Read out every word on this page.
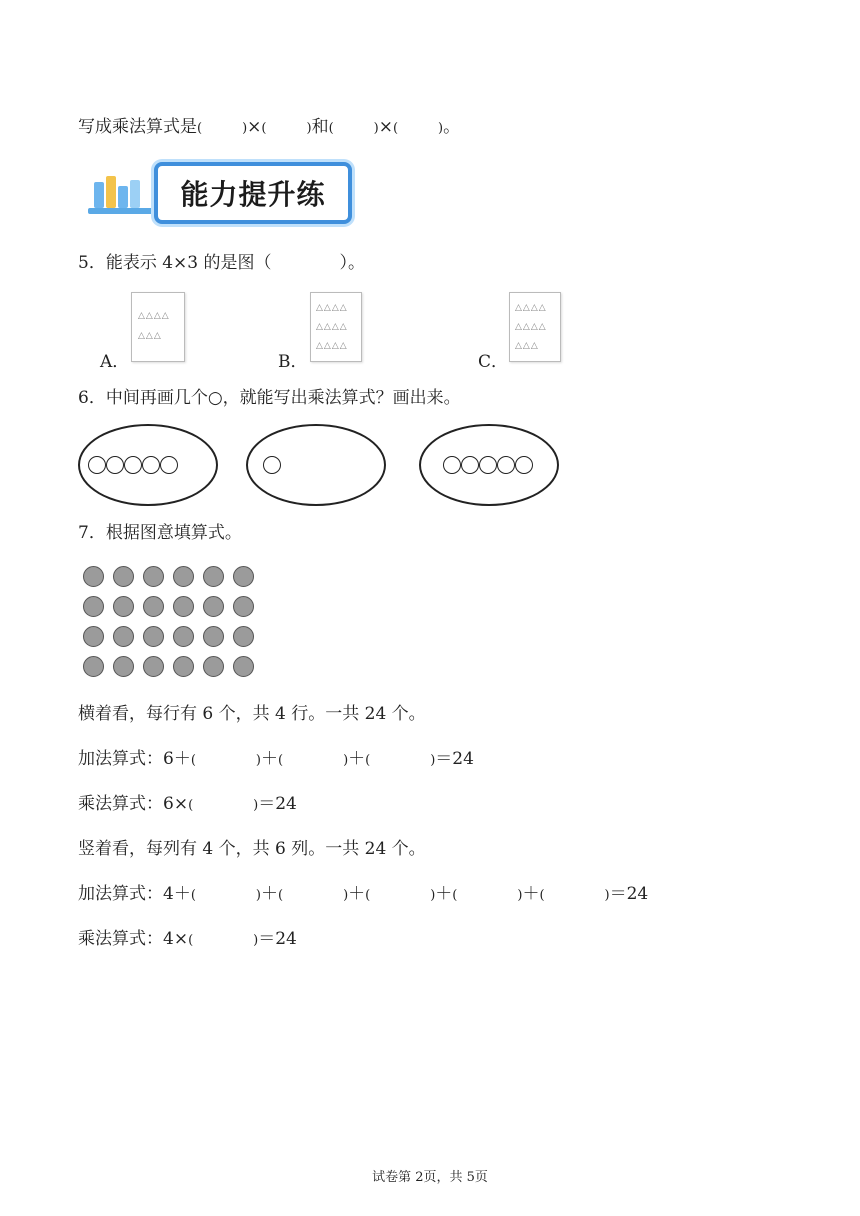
写成乘法算式是(	)×(	)和(	)×(	)。
能力提升练
5．能表示 4×3 的是图（　　　　）。
△△△△
△△△
A．
△△△△
△△△△
△△△△
B．
△△△△
△△△△
△△△
C．
6．中间再画几个○，就能写出乘法算式？画出来。
7．根据图意填算式。
横着看，每行有 6 个，共 4 行。一共 24 个。
加法算式：6＋(	)＋(	)＋(	)＝24
乘法算式：6×(	)＝24
竖着看，每列有 4 个，共 6 列。一共 24 个。
加法算式：4＋(	)＋(	)＋(	)＋(	)＋(	)＝24
乘法算式：4×(	)＝24
试卷第 2页，共 5页
